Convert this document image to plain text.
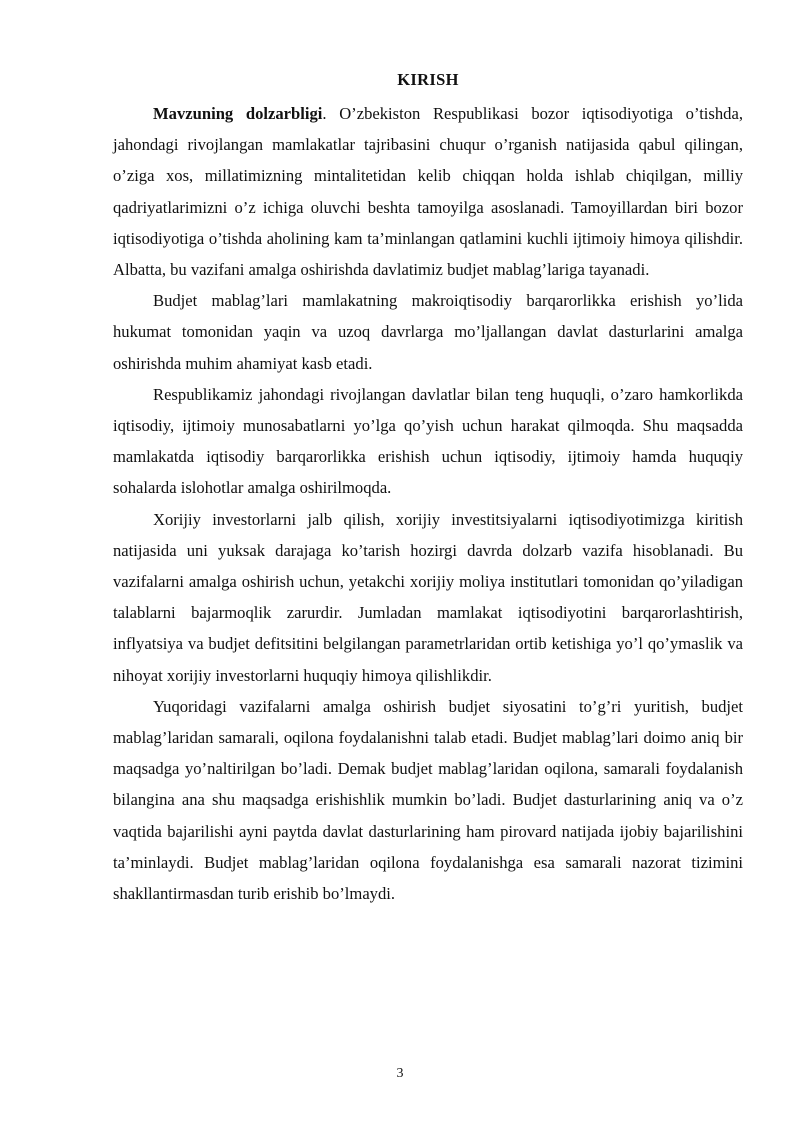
KIRISH

Mavzuning dolzarbligi. O’zbekiston Respublikasi bozor iqtisodiyotiga o’tishda, jahondagi rivojlangan mamlakatlar tajribasini chuqur o’rganish natijasida qabul qilingan, o’ziga xos, millatimizning mintalitetidan kelib chiqqan holda ishlab chiqilgan, milliy qadriyatlarimizni o’z ichiga oluvchi beshta tamoyilga asoslanadi. Tamoyillardan biri bozor iqtisodiyotiga o’tishda aholining kam ta’minlangan qatlamini kuchli ijtimoiy himoya qilishdir. Albatta, bu vazifani amalga oshirishda davlatimiz budjet mablag’lariga tayanadi.

Budjet mablag’lari mamlakatning makroiqtisodiy barqarorlikka erishish yo’lida hukumat tomonidan yaqin va uzoq davrlarga mo’ljallangan davlat dasturlarini amalga oshirishda muhim ahamiyat kasb etadi.

Respublikamiz jahondagi rivojlangan davlatlar bilan teng huquqli, o’zaro hamkorlikda iqtisodiy, ijtimoiy munosabatlarni yo’lga qo’yish uchun harakat qilmoqda. Shu maqsadda mamlakatda iqtisodiy barqarorlikka erishish uchun iqtisodiy, ijtimoiy hamda huquqiy sohalarda islohotlar amalga oshirilmoqda.

Xorijiy investorlarni jalb qilish, xorijiy investitsiyalarni iqtisodiyotimizga kiritish natijasida uni yuksak darajaga ko’tarish hozirgi davrda dolzarb vazifa hisoblanadi. Bu vazifalarni amalga oshirish uchun, yetakchi xorijiy moliya institutlari tomonidan qo’yiladigan talablarni bajarmoqlik zarurdir. Jumladan mamlakat iqtisodiyotini barqarorlashtirish, inflyatsiya va budjet defitsitini belgilangan parametrlaridan ortib ketishiga yo’l qo’ymaslik va nihoyat xorijiy investorlarni huquqiy himoya qilishlikdir.

Yuqoridagi vazifalarni amalga oshirish budjet siyosatini to’g’ri yuritish, budjet mablag’laridan samarali, oqilona foydalanishni talab etadi. Budjet mablag’lari doimo aniq bir maqsadga yo’naltirilgan bo’ladi. Demak budjet mablag’laridan oqilona, samarali foydalanish bilangina ana shu maqsadga erishishlik mumkin bo’ladi. Budjet dasturlarining aniq va o’z vaqtida bajarilishi ayni paytda davlat dasturlarining ham pirovard natijada ijobiy bajarilishini ta’minlaydi. Budjet mablag’laridan oqilona foydalanishga esa samarali nazorat tizimini shakllantirmasdan turib erishib bo’lmaydi.

3
